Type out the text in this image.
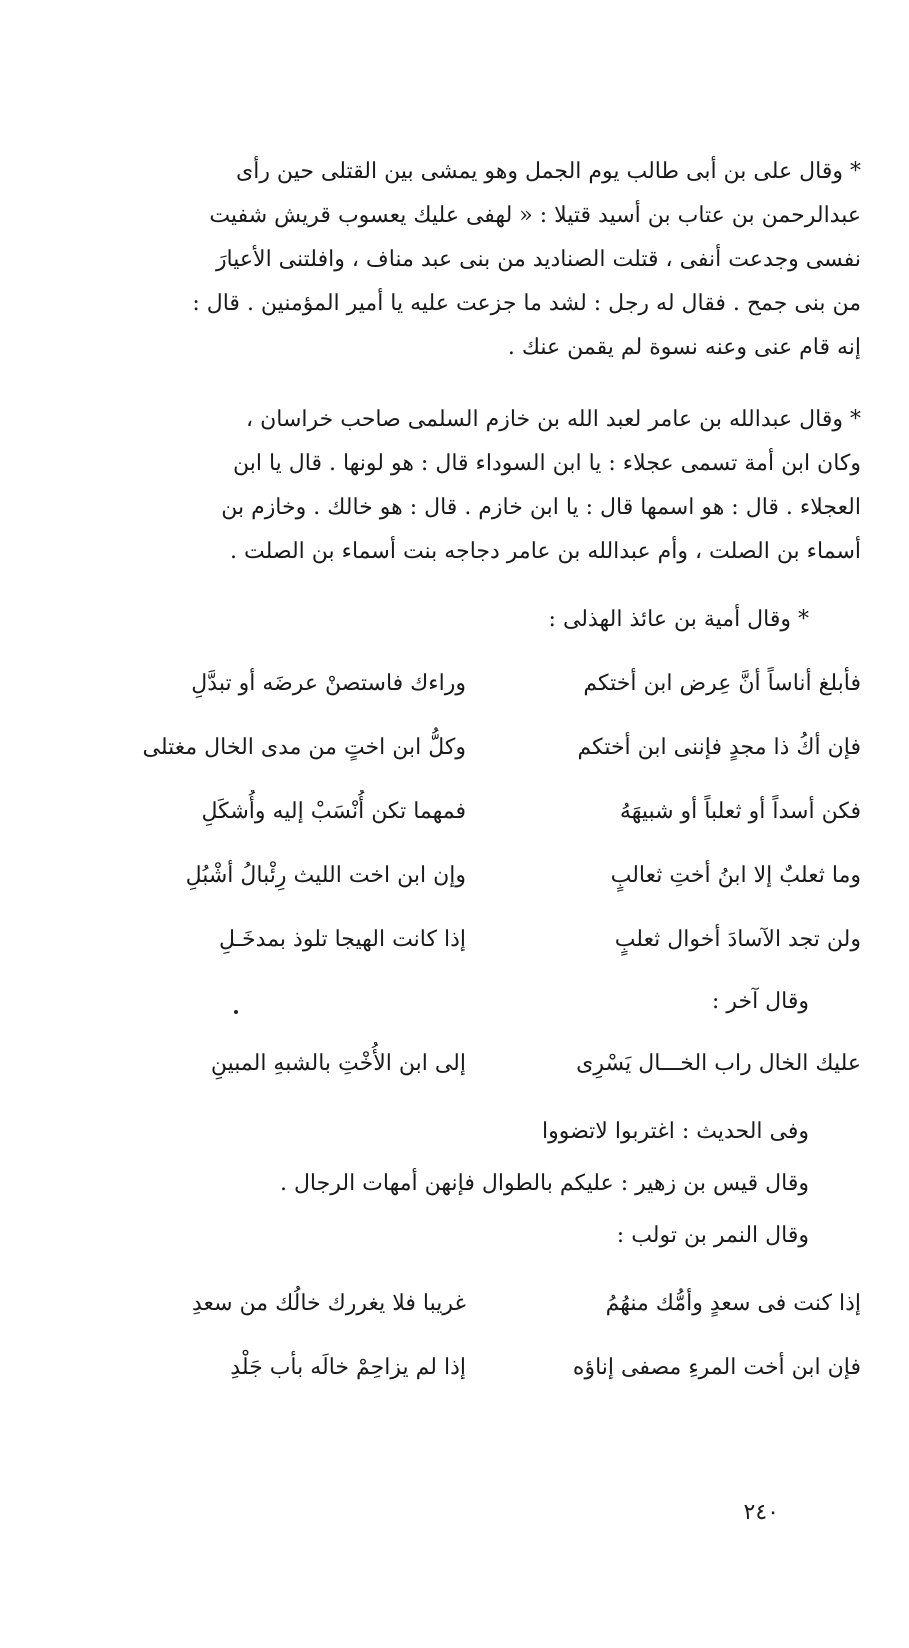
* وقال على بن أبى طالب يوم الجمل وهو يمشى بين القتلى حين رأى
عبدالرحمن بن عتاب بن أسيد قتيلا : « لهفى عليك يعسوب قريش شفيت
نفسى وجدعت أنفى ، قتلت الصناديد من بنى عبد مناف ، وافلتنى الأعيارَ
من بنى جمح . فقال له رجل : لشد ما جزعت عليه يا أمير المؤمنين . قال :
إنه قام عنى وعنه نسوة لم يقمن عنك .
* وقال عبدالله بن عامر لعبد الله بن خازم السلمى صاحب خراسان ،
وكان ابن أمة تسمى عجلاء : يا ابن السوداء قال : هو لونها . قال يا ابن
العجلاء . قال : هو اسمها قال : يا ابن خازم . قال : هو خالك . وخازم بن
أسماء بن الصلت ، وأم عبدالله بن عامر دجاجه بنت أسماء بن الصلت .
* وقال أمية بن عائذ الهذلى :
فأبلغ أناساً أنَّ عِرض ابن أختكم
وراءك فاستصنْ عرضَه أو تبدَّلِ
فإن أكُ ذا مجدٍ فإننى ابن أختكم
وكلُّ ابن اختٍ من مدى الخال مغتلى
فكن أسداً أو ثعلباً أو شبيهَهُ
فمهما تكن أُنْسَبْ إليه وأُشكَلِ
وما ثعلبٌ إلا ابنُ أختِ ثعالبٍ
وإن ابن اخت الليث رِئْبالُ أشْبُلِ
ولن تجد الآسادَ أخوال ثعلبٍ
إذا كانت الهيجا تلوذ بمدخَـلِ
وقال آخر :
عليك الخال راب الخـــال يَسْرِى
إلى ابن الأُخْتِ بالشبهِ المبينِ
وفى الحديث : اغتربوا لاتضووا
وقال قيس بن زهير : عليكم بالطوال فإنهن أمهات الرجال .
وقال النمر بن تولب :
إذا كنت فى سعدٍ وأمُّك منهُمُ
غريبا فلا يغررك خالُك من سعدِ
فإن ابن أخت المرءِ مصفى إناؤه
إذا لم يزاحِمْ خالَه بأب جَلْدِ
٢٤٠
